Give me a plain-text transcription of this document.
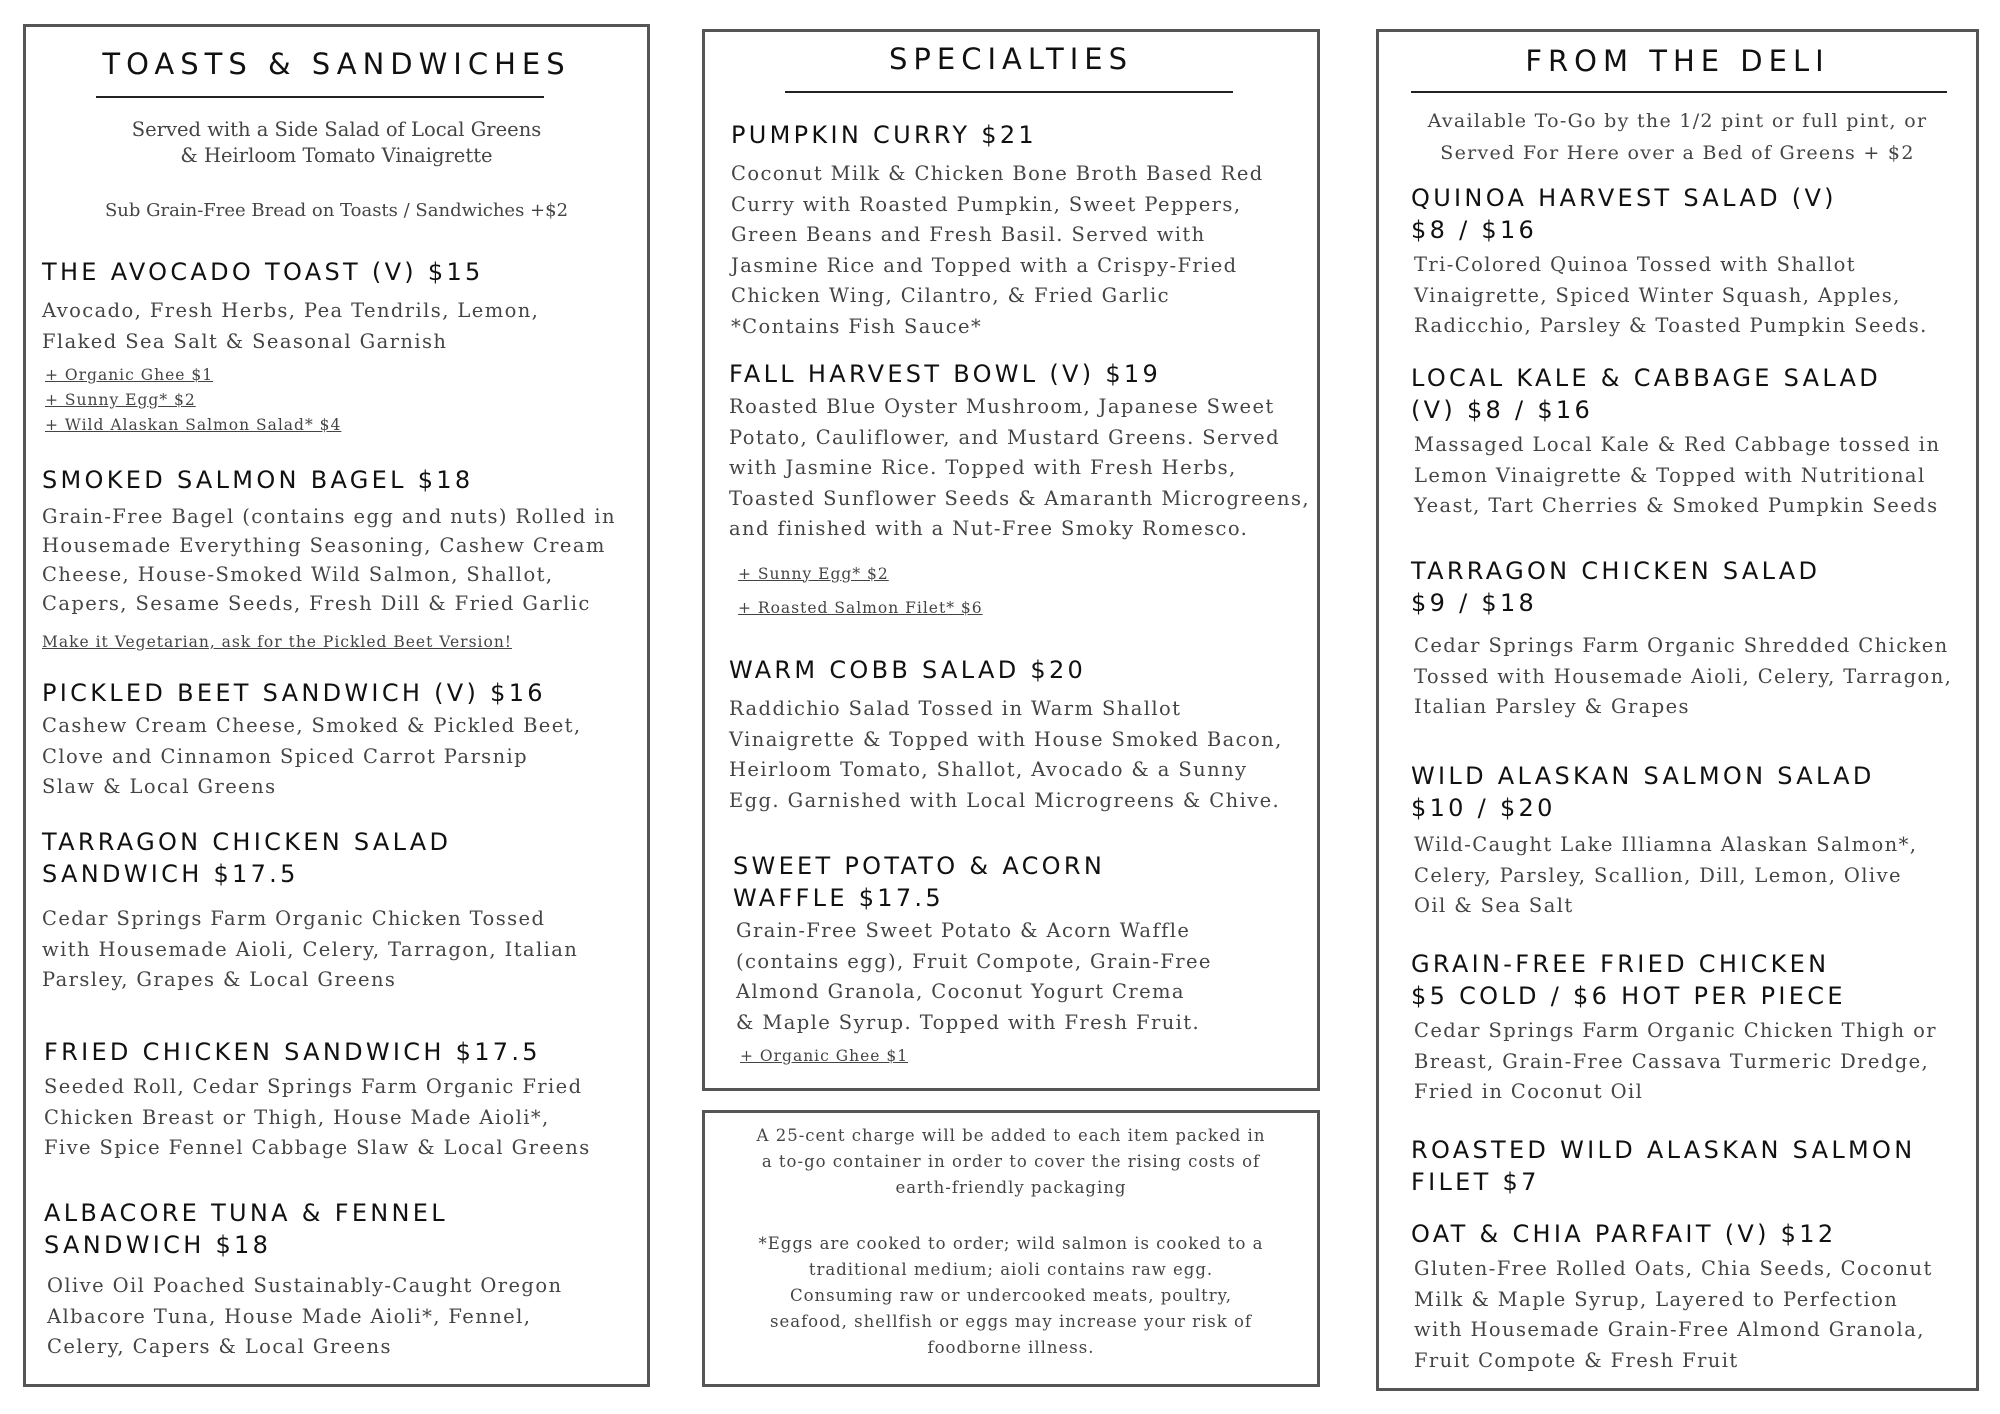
TOASTS & SANDWICHES
Served with a Side Salad of Local Greens
& Heirloom Tomato Vinaigrette
Sub Grain-Free Bread on Toasts / Sandwiches +$2
THE AVOCADO TOAST (V) $15
Avocado, Fresh Herbs, Pea Tendrils, Lemon,
Flaked Sea Salt & Seasonal Garnish
+ Organic Ghee $1
+ Sunny Egg* $2
+ Wild Alaskan Salmon Salad* $4
SMOKED SALMON BAGEL $18
Grain-Free Bagel (contains egg and nuts) Rolled in
Housemade Everything Seasoning, Cashew Cream
Cheese, House-Smoked Wild Salmon, Shallot,
Capers, Sesame Seeds, Fresh Dill & Fried Garlic
Make it Vegetarian, ask for the Pickled Beet Version!
PICKLED BEET SANDWICH (V) $16
Cashew Cream Cheese, Smoked & Pickled Beet,
Clove and Cinnamon Spiced Carrot Parsnip
Slaw & Local Greens
TARRAGON CHICKEN SALAD
SANDWICH $17.5
Cedar Springs Farm Organic Chicken Tossed
with Housemade Aioli, Celery, Tarragon, Italian
Parsley, Grapes & Local Greens
FRIED CHICKEN SANDWICH $17.5
Seeded Roll, Cedar Springs Farm Organic Fried
Chicken Breast or Thigh, House Made Aioli*,
Five Spice Fennel Cabbage Slaw & Local Greens
ALBACORE TUNA & FENNEL
SANDWICH $18
Olive Oil Poached Sustainably-Caught Oregon
Albacore Tuna, House Made Aioli*, Fennel,
Celery, Capers & Local Greens
SPECIALTIES
PUMPKIN CURRY $21
Coconut Milk & Chicken Bone Broth Based Red
Curry with Roasted Pumpkin, Sweet Peppers,
Green Beans and Fresh Basil. Served with
Jasmine Rice and Topped with a Crispy-Fried
Chicken Wing, Cilantro, & Fried Garlic
*Contains Fish Sauce*
FALL HARVEST BOWL (V) $19
Roasted Blue Oyster Mushroom, Japanese Sweet
Potato, Cauliflower, and Mustard Greens. Served
with Jasmine Rice. Topped with Fresh Herbs,
Toasted Sunflower Seeds & Amaranth Microgreens,
and finished with a Nut-Free Smoky Romesco.
+ Sunny Egg* $2
+ Roasted Salmon Filet* $6
WARM COBB SALAD $20
Raddichio Salad Tossed in Warm Shallot
Vinaigrette & Topped with House Smoked Bacon,
Heirloom Tomato, Shallot, Avocado & a Sunny
Egg. Garnished with Local Microgreens & Chive.
SWEET POTATO & ACORN
WAFFLE $17.5
Grain-Free Sweet Potato & Acorn Waffle
(contains egg), Fruit Compote, Grain-Free
Almond Granola, Coconut Yogurt Crema
& Maple Syrup. Topped with Fresh Fruit.
+ Organic Ghee $1
A 25-cent charge will be added to each item packed in
a to-go container in order to cover the rising costs of
earth-friendly packaging
*Eggs are cooked to order; wild salmon is cooked to a
traditional medium; aioli contains raw egg.
Consuming raw or undercooked meats, poultry,
seafood, shellfish or eggs may increase your risk of
foodborne illness.
FROM THE DELI
Available To-Go by the 1/2 pint or full pint, or
Served For Here over a Bed of Greens + $2
QUINOA HARVEST SALAD (V)
$8 / $16
Tri-Colored Quinoa Tossed with Shallot
Vinaigrette, Spiced Winter Squash, Apples,
Radicchio, Parsley & Toasted Pumpkin Seeds.
LOCAL KALE & CABBAGE SALAD
(V) $8 / $16
Massaged Local Kale & Red Cabbage tossed in
Lemon Vinaigrette & Topped with Nutritional
Yeast, Tart Cherries & Smoked Pumpkin Seeds
TARRAGON CHICKEN SALAD
$9 / $18
Cedar Springs Farm Organic Shredded Chicken
Tossed with Housemade Aioli, Celery, Tarragon,
Italian Parsley & Grapes
WILD ALASKAN SALMON SALAD
$10 / $20
Wild-Caught Lake Illiamna Alaskan Salmon*,
Celery, Parsley, Scallion, Dill, Lemon, Olive
Oil & Sea Salt
GRAIN-FREE FRIED CHICKEN
$5 COLD / $6 HOT PER PIECE
Cedar Springs Farm Organic Chicken Thigh or
Breast, Grain-Free Cassava Turmeric Dredge,
Fried in Coconut Oil
ROASTED WILD ALASKAN SALMON
FILET $7
OAT & CHIA PARFAIT (V) $12
Gluten-Free Rolled Oats, Chia Seeds, Coconut
Milk & Maple Syrup, Layered to Perfection
with Housemade Grain-Free Almond Granola,
Fruit Compote & Fresh Fruit
